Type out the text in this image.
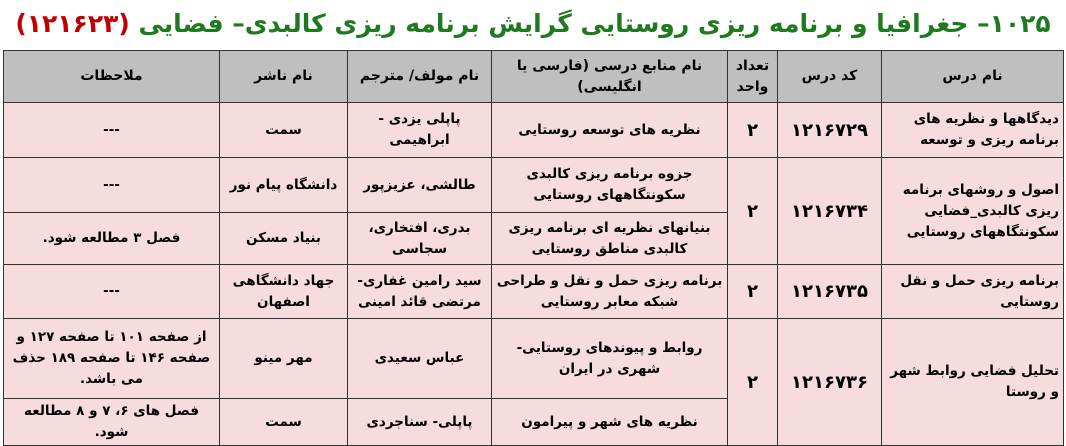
۱۰۲۵– جغرافیا و برنامه ریزی روستایی گرایش برنامه ریزی کالبدی– فضایی (۱۲۱۶۲۳)
نام درس	کد درس	تعداد واحد	نام منابع درسی (فارسی یا انگلیسی)	نام مولف/ مترجم	نام ناشر	ملاحظات
دیدگاهها و نظریه های برنامه ریزی و توسعه	۱۲۱۶۷۲۹	۲	نظریه های توسعه روستایی	پاپلی یزدی - ابراهیمی	سمت	---
اصول و روشهای برنامه ریزی کالبدی_فضایی سکونتگاههای روستایی	۱۲۱۶۷۳۴	۲	جزوه برنامه ریزی کالبدی سکونتگاههای روستایی	طالشی، عزیزپور	دانشگاه پیام نور	---
			بنیانهای نظریه ای برنامه ریزی کالبدی مناطق روستایی	بدری، افتخاری، سجاسی	بنیاد مسکن	فصل ۳ مطالعه شود.
برنامه ریزی حمل و نقل روستایی	۱۲۱۶۷۳۵	۲	برنامه ریزی حمل و نقل و طراحی شبکه معابر روستایی	سید رامین غفاری- مرتضی قائد امینی	جهاد دانشگاهی اصفهان	---
تحلیل فضایی روابط شهر و روستا	۱۲۱۶۷۳۶	۲	روابط و پیوندهای روستایی- شهری در ایران	عباس سعیدی	مهر مینو	از صفحه ۱۰۱ تا صفحه ۱۲۷ و صفحه ۱۴۶ تا صفحه ۱۸۹ حذف می باشد.
			نظریه های شهر و پیرامون	پاپلی- سناجردی	سمت	فصل های ۶، ۷ و ۸ مطالعه شود.
